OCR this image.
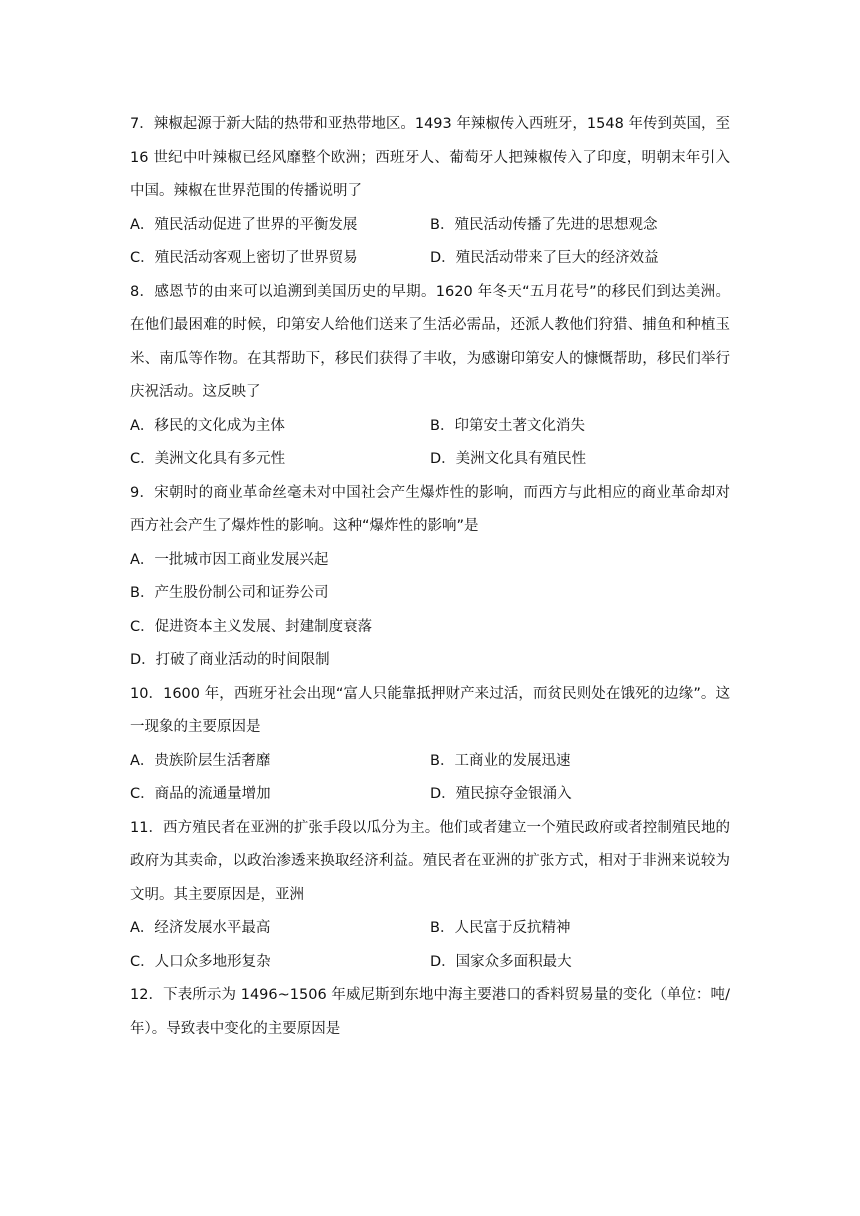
7．辣椒起源于新大陆的热带和亚热带地区。1493 年辣椒传入西班牙，1548 年传到英国，至 16 世纪中叶辣椒已经风靡整个欧洲；西班牙人、葡萄牙人把辣椒传入了印度，明朝末年引入中国。辣椒在世界范围的传播说明了

A．殖民活动促进了世界的平衡发展	B．殖民活动传播了先进的思想观念
C．殖民活动客观上密切了世界贸易	D．殖民活动带来了巨大的经济效益

8．感恩节的由来可以追溯到美国历史的早期。1620 年冬天“五月花号”的移民们到达美洲。在他们最困难的时候，印第安人给他们送来了生活必需品，还派人教他们狩猎、捕鱼和种植玉米、南瓜等作物。在其帮助下，移民们获得了丰收，为感谢印第安人的慷慨帮助，移民们举行庆祝活动。这反映了

A．移民的文化成为主体	B．印第安土著文化消失
C．美洲文化具有多元性	D．美洲文化具有殖民性

9．宋朝时的商业革命丝毫未对中国社会产生爆炸性的影响，而西方与此相应的商业革命却对西方社会产生了爆炸性的影响。这种“爆炸性的影响”是

A．一批城市因工商业发展兴起
B．产生股份制公司和证券公司
C．促进资本主义发展、封建制度衰落
D．打破了商业活动的时间限制

10．1600 年，西班牙社会出现“富人只能靠抵押财产来过活，而贫民则处在饿死的边缘”。这一现象的主要原因是

A．贵族阶层生活奢靡	B．工商业的发展迅速
C．商品的流通量增加	D．殖民掠夺金银涌入

11．西方殖民者在亚洲的扩张手段以瓜分为主。他们或者建立一个殖民政府或者控制殖民地的政府为其卖命，以政治渗透来换取经济利益。殖民者在亚洲的扩张方式，相对于非洲来说较为文明。其主要原因是，亚洲

A．经济发展水平最高	B．人民富于反抗精神
C．人口众多地形复杂	D．国家众多面积最大

12．下表所示为 1496~1506 年威尼斯到东地中海主要港口的香料贸易量的变化（单位：吨/年）。导致表中变化的主要原因是
